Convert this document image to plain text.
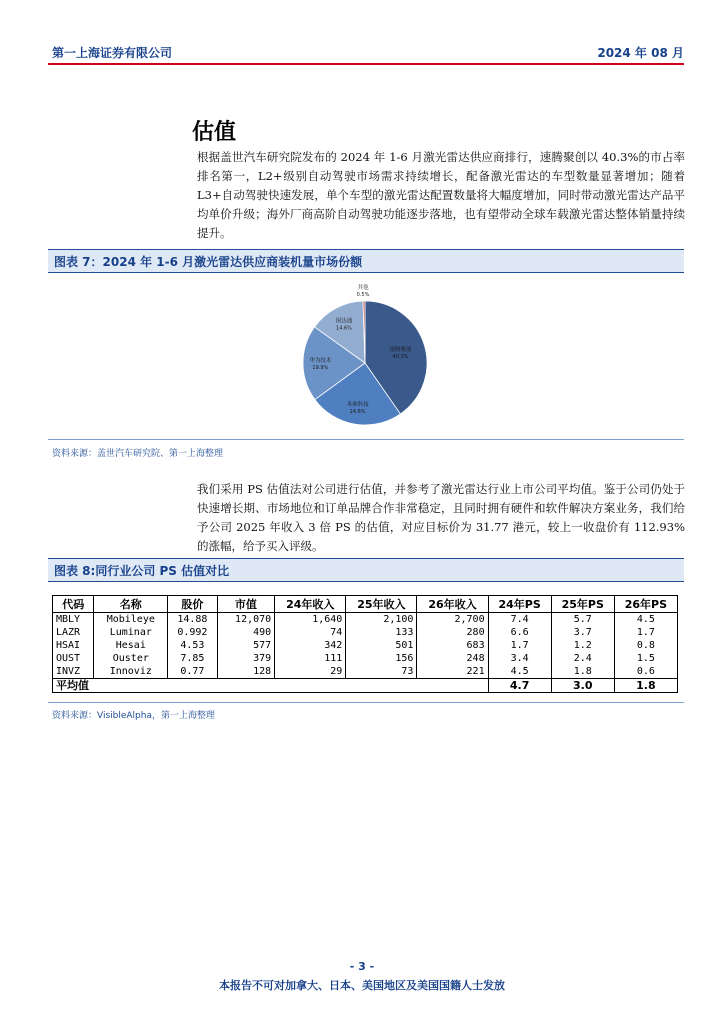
第一上海证券有限公司	2024 年 08 月
估值
根据盖世汽车研究院发布的 2024 年 1-6 月激光雷达供应商排行，速腾聚创以 40.3%的市占率排名第一，L2+级别自动驾驶市场需求持续增长，配备激光雷达的车型数量显著增加；随着 L3+自动驾驶快速发展，单个车型的激光雷达配置数量将大幅度增加，同时带动激光雷达产品平均单价升级；海外厂商高阶自动驾驶功能逐步落地，也有望带动全球车载激光雷达整体销量持续提升。
图表 7：2024 年 1-6 月激光雷达供应商装机量市场份额
速腾聚创
40.3%
禾赛科技
24.6%
华为技术
19.9%
图达通
14.6%
其他
0.5%
资料来源：盖世汽车研究院、第一上海整理
我们采用 PS 估值法对公司进行估值，并参考了激光雷达行业上市公司平均值。鉴于公司仍处于快速增长期、市场地位和订单品牌合作非常稳定，且同时拥有硬件和软件解决方案业务，我们给予公司 2025 年收入 3 倍 PS 的估值，对应目标价为 31.77 港元，较上一收盘价有 112.93%的涨幅，给予买入评级。
图表 8:同行业公司 PS 估值对比
代码	名称	股价	市值	24年收入	25年收入	26年收入	24年PS	25年PS	26年PS
MBLY	Mobileye	14.88	12,070	1,640	2,100	2,700	7.4	5.7	4.5
LAZR	Luminar	0.992	490	74	133	280	6.6	3.7	1.7
HSAI	Hesai	4.53	577	342	501	683	1.7	1.2	0.8
OUST	Ouster	7.85	379	111	156	248	3.4	2.4	1.5
INVZ	Innoviz	0.77	128	29	73	221	4.5	1.8	0.6
平均值							4.7	3.0	1.8
资料来源：VisibleAlpha，第一上海整理
- 3 -
本报告不可对加拿大、日本、美国地区及美国国籍人士发放
